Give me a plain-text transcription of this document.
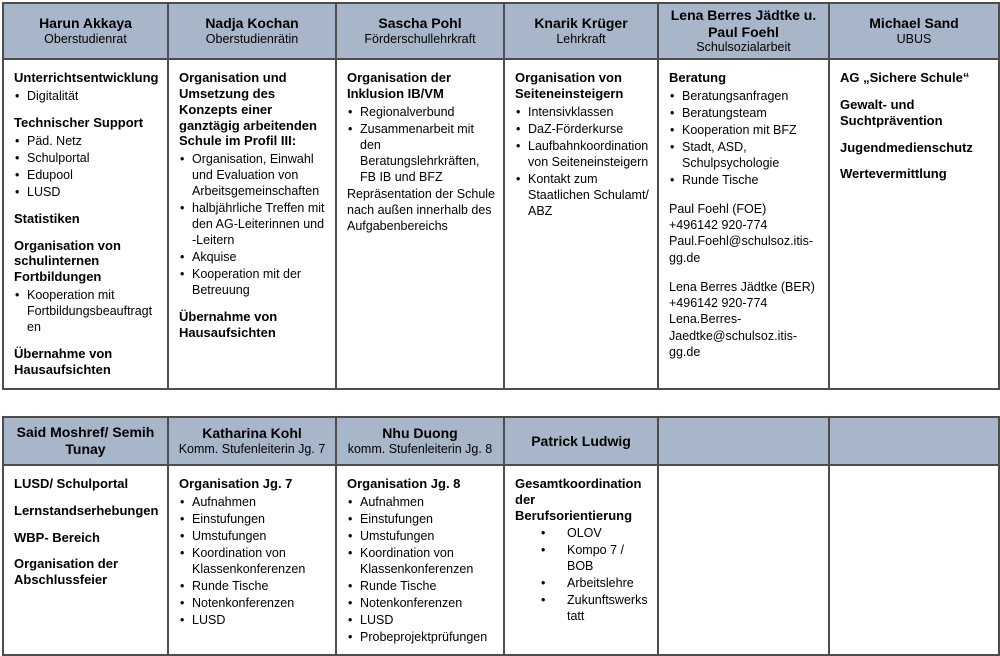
Harun Akkaya
Oberstudienrat

Nadja Kochan
Oberstudienrätin

Sascha Pohl
Förderschullehrkraft

Knarik Krüger
Lehrkraft

Lena Berres Jädtke u. Paul Foehl
Schulsozialarbeit

Michael Sand
UBUS

Unterrichtsentwicklung
• Digitalität
Technischer Support
• Päd. Netz
• Schulportal
• Edupool
• LUSD
Statistiken
Organisation von schulinternen Fortbildungen
• Kooperation mit Fortbildungsbeauftragten
Übernahme von Hausaufsichten

Organisation und Umsetzung des Konzepts einer ganztägig arbeitenden Schule im Profil III:
• Organisation, Einwahl und Evaluation von Arbeitsgemeinschaften
• halbjährliche Treffen mit den AG-Leiterinnen und -Leitern
• Akquise
• Kooperation mit der Betreuung
Übernahme von Hausaufsichten

Organisation der Inklusion IB/VM
• Regionalverbund
• Zusammenarbeit mit den Beratungslehrkräften, FB IB und BFZ
Repräsentation der Schule nach außen innerhalb des Aufgabenbereichs

Organisation von Seiteneinsteigern
• Intensivklassen
• DaZ-Förderkurse
• Laufbahnkoordination von Seiteneinsteigern
• Kontakt zum Staatlichen Schulamt/ ABZ

Beratung
• Beratungsanfragen
• Beratungsteam
• Kooperation mit BFZ
• Stadt, ASD, Schulpsychologie
• Runde Tische
Paul Foehl (FOE)
+496142 920-774
Paul.Foehl@schulsoz.itis-gg.de
Lena Berres Jädtke (BER)
+496142 920-774
Lena.Berres-Jaedtke@schulsoz.itis-gg.de

AG „Sichere Schule“
Gewalt- und Suchtprävention
Jugendmedienschutz
Wertevermittlung
Said Moshref/ Semih Tunay

Katharina Kohl
Komm. Stufenleiterin Jg. 7

Nhu Duong
komm. Stufenleiterin Jg. 8

Patrick Ludwig

LUSD/ Schulportal
Lernstandserhebungen
WBP- Bereich
Organisation der Abschlussfeier

Organisation Jg. 7
• Aufnahmen
• Einstufungen
• Umstufungen
• Koordination von Klassenkonferenzen
• Runde Tische
• Notenkonferenzen
• LUSD

Organisation Jg. 8
• Aufnahmen
• Einstufungen
• Umstufungen
• Koordination von Klassenkonferenzen
• Runde Tische
• Notenkonferenzen
• LUSD
• Probeprojektprüfungen

Gesamtkoordination der Berufsorientierung
• OLOV
• Kompo 7 / BOB
• Arbeitslehre
• Zukunftswerkstatt
